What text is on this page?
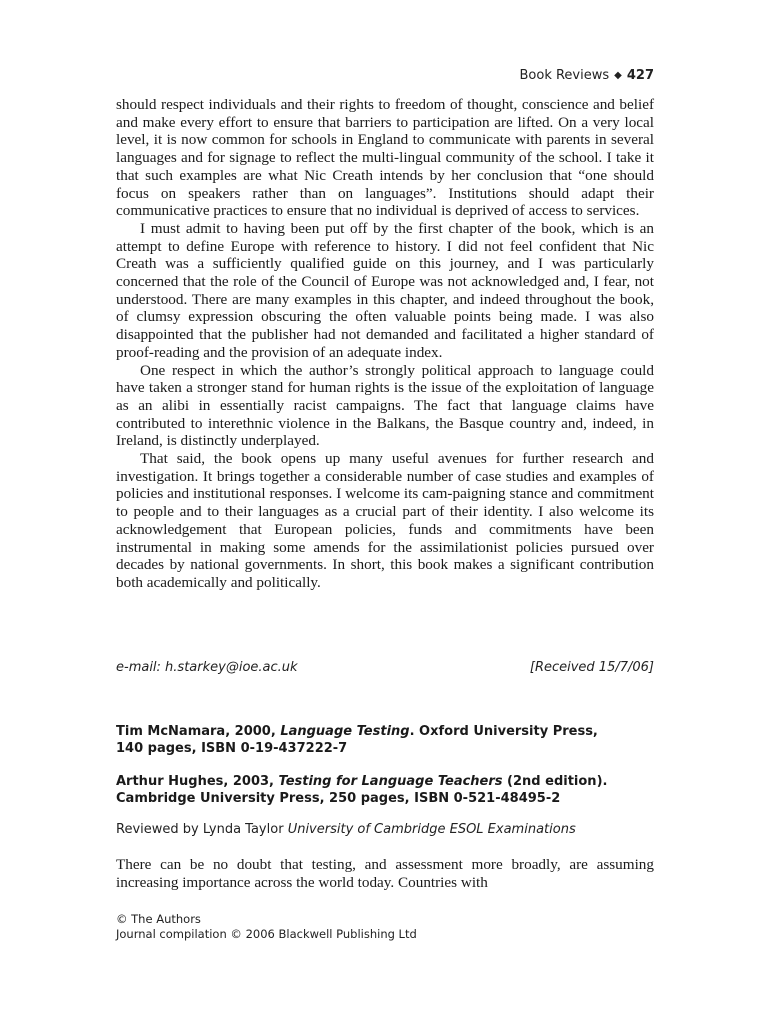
Book Reviews ◆ 427

should respect individuals and their rights to freedom of thought, conscience and belief and make every effort to ensure that barriers to participation are lifted. On a very local level, it is now common for schools in England to communicate with parents in several languages and for signage to reflect the multi-lingual community of the school. I take it that such examples are what Nic Creath intends by her conclusion that “one should focus on speakers rather than on languages”. Institutions should adapt their communicative practices to ensure that no individual is deprived of access to services.

I must admit to having been put off by the first chapter of the book, which is an attempt to define Europe with reference to history. I did not feel confident that Nic Creath was a sufficiently qualified guide on this journey, and I was particularly concerned that the role of the Council of Europe was not acknowledged and, I fear, not understood. There are many examples in this chapter, and indeed throughout the book, of clumsy expression obscuring the often valuable points being made. I was also disappointed that the publisher had not demanded and facilitated a higher standard of proof-reading and the provision of an adequate index.

One respect in which the author’s strongly political approach to language could have taken a stronger stand for human rights is the issue of the exploitation of language as an alibi in essentially racist campaigns. The fact that language claims have contributed to interethnic violence in the Balkans, the Basque country and, indeed, in Ireland, is distinctly underplayed.

That said, the book opens up many useful avenues for further research and investigation. It brings together a considerable number of case studies and examples of policies and institutional responses. I welcome its cam-paigning stance and commitment to people and to their languages as a crucial part of their identity. I also welcome its acknowledgement that European policies, funds and commitments have been instrumental in making some amends for the assimilationist policies pursued over decades by national governments. In short, this book makes a significant contribution both academically and politically.

e-mail: h.starkey@ioe.ac.uk	[Received 15/7/06]
Tim McNamara, 2000, Language Testing. Oxford University Press,
140 pages, ISBN 0-19-437222-7
Arthur Hughes, 2003, Testing for Language Teachers (2nd edition).
Cambridge University Press, 250 pages, ISBN 0-521-48495-2
Reviewed by Lynda Taylor University of Cambridge ESOL Examinations

There can be no doubt that testing, and assessment more broadly, are assuming increasing importance across the world today. Countries with

© The Authors
Journal compilation © 2006 Blackwell Publishing Ltd
